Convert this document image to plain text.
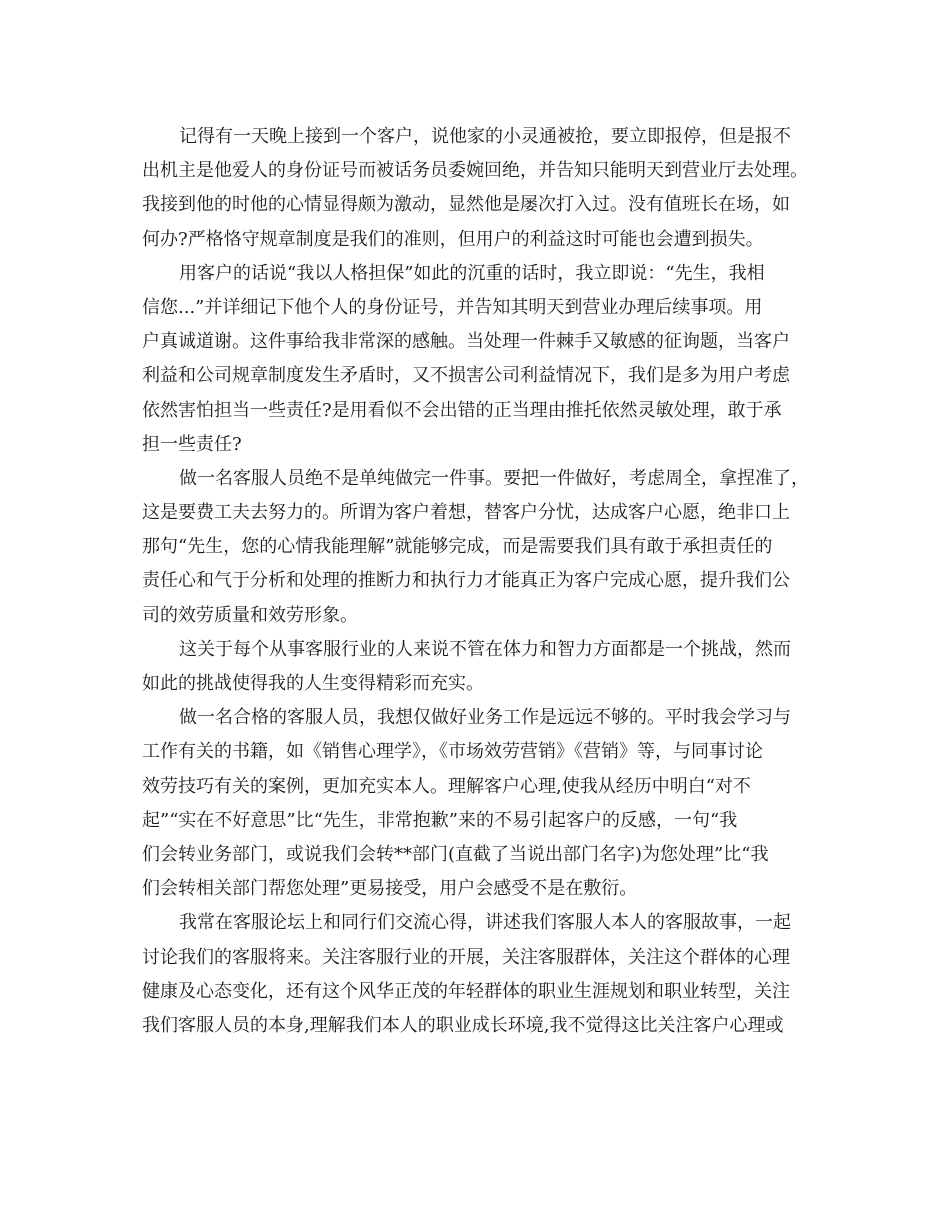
记得有一天晚上接到一个客户，说他家的小灵通被抢，要立即报停，但是报不
出机主是他爱人的身份证号而被话务员委婉回绝，并告知只能明天到营业厅去处理。
我接到他的时他的心情显得颇为激动，显然他是屡次打入过。没有值班长在场，如
何办?严格恪守规章制度是我们的准则，但用户的利益这时可能也会遭到损失。
用客户的话说“我以人格担保”如此的沉重的话时，我立即说：“先生，我相
信您...”并详细记下他个人的身份证号，并告知其明天到营业办理后续事项。用
户真诚道谢。这件事给我非常深的感触。当处理一件棘手又敏感的征询题，当客户
利益和公司规章制度发生矛盾时，又不损害公司利益情况下，我们是多为用户考虑
依然害怕担当一些责任?是用看似不会出错的正当理由推托依然灵敏处理，敢于承
担一些责任?
做一名客服人员绝不是单纯做完一件事。要把一件做好，考虑周全，拿捏准了，
这是要费工夫去努力的。所谓为客户着想，替客户分忧，达成客户心愿，绝非口上
那句“先生，您的心情我能理解”就能够完成，而是需要我们具有敢于承担责任的
责任心和气于分析和处理的推断力和执行力才能真正为客户完成心愿，提升我们公
司的效劳质量和效劳形象。
这关于每个从事客服行业的人来说不管在体力和智力方面都是一个挑战，然而
如此的挑战使得我的人生变得精彩而充实。
做一名合格的客服人员，我想仅做好业务工作是远远不够的。平时我会学习与
工作有关的书籍，如《销售心理学》，《市场效劳营销》《营销》等，与同事讨论
效劳技巧有关的案例，更加充实本人。理解客户心理,使我从经历中明白“对不
起”“实在不好意思”比“先生，非常抱歉”来的不易引起客户的反感，一句“我
们会转业务部门，或说我们会转**部门(直截了当说出部门名字)为您处理”比“我
们会转相关部门帮您处理”更易接受，用户会感受不是在敷衍。
我常在客服论坛上和同行们交流心得，讲述我们客服人本人的客服故事，一起
讨论我们的客服将来。关注客服行业的开展，关注客服群体，关注这个群体的心理
健康及心态变化，还有这个风华正茂的年轻群体的职业生涯规划和职业转型，关注
我们客服人员的本身,理解我们本人的职业成长环境,我不觉得这比关注客户心理或
